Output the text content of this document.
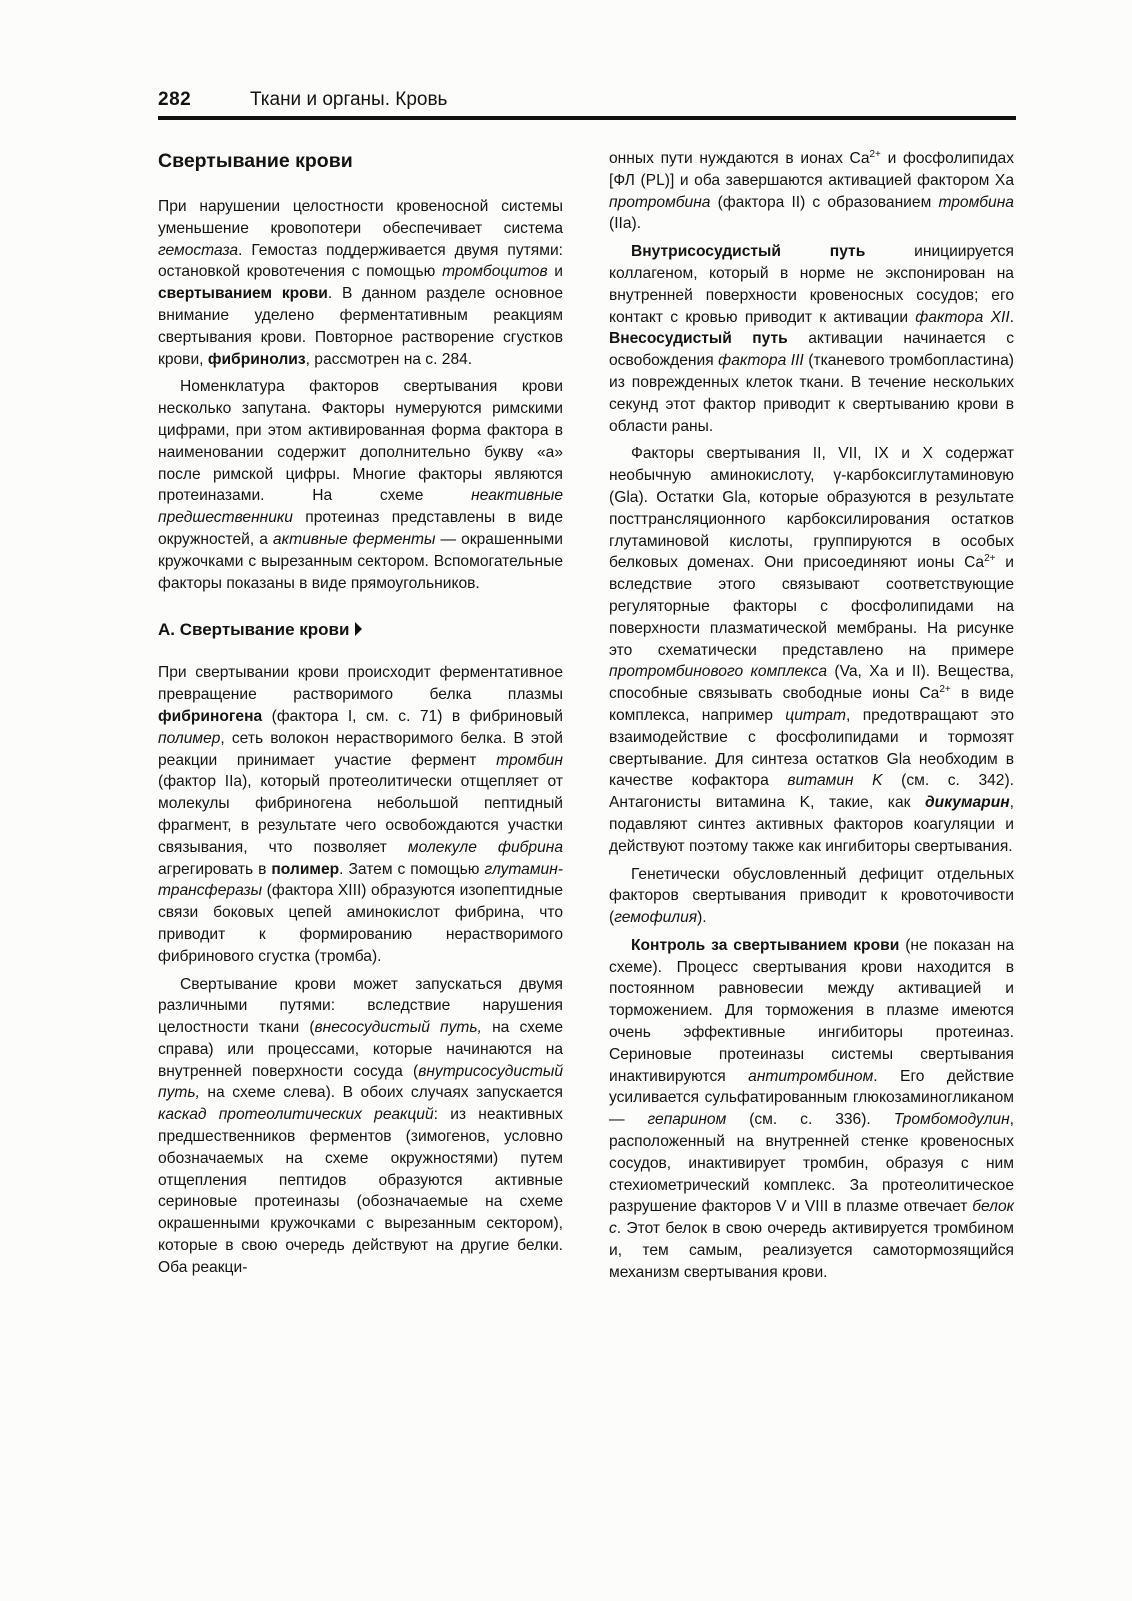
282	Ткани и органы. Кровь
Свертывание крови

При нарушении целостности кровеносной системы уменьшение кровопотери обеспечивает система гемостаза. Гемостаз поддерживается двумя путями: остановкой кровотечения с помощью тромбоцитов и свертыванием крови. В данном разделе основное внимание уделено ферментативным реакциям свертывания крови. Повторное растворение сгустков крови, фибринолиз, рассмотрен на с. 284.

Номенклатура факторов свертывания крови несколько запутана. Факторы нумеруются римскими цифрами, при этом активированная форма фактора в наименовании содержит дополнительно букву «а» после римской цифры. Многие факторы являются протеиназами. На схеме неактивные предшественники протеиназ представлены в виде окружностей, а активные ферменты — окрашенными кружочками с вырезанным сектором. Вспомогательные факторы показаны в виде прямоугольников.

А. Свертывание крови

При свертывании крови происходит ферментативное превращение растворимого белка плазмы фибриногена (фактора I, см. с. 71) в фибриновый полимер, сеть волокон нерастворимого белка. В этой реакции принимает участие фермент тромбин (фактор IIa), который протеолитически отщепляет от молекулы фибриногена небольшой пептидный фрагмент, в результате чего освобождаются участки связывания, что позволяет молекуле фибрина агрегировать в полимер. Затем с помощью глутамин-трансферазы (фактора XIII) образуются изопептидные связи боковых цепей аминокислот фибрина, что приводит к формированию нерастворимого фибринового сгустка (тромба).

Свертывание крови может запускаться двумя различными путями: вследствие нарушения целостности ткани (внесосудистый путь, на схеме справа) или процессами, которые начинаются на внутренней поверхности сосуда (внутрисосудистый путь, на схеме слева). В обоих случаях запускается каскад протеолитических реакций: из неактивных предшественников ферментов (зимогенов, условно обозначаемых на схеме окружностями) путем отщепления пептидов образуются активные сериновые протеиназы (обозначаемые на схеме окрашенными кружочками с вырезанным сектором), которые в свою очередь действуют на другие белки. Оба реакци-

онных пути нуждаются в ионах $Ca^{2+}$ и фосфолипидах [ФЛ (PL)] и оба завершаются активацией фактором Xa протромбина (фактора II) с образованием тромбина (IIa).

Внутрисосудистый путь инициируется коллагеном, который в норме не экспонирован на внутренней поверхности кровеносных сосудов; его контакт с кровью приводит к активации фактора XII. Внесосудистый путь активации начинается с освобождения фактора III (тканевого тромбопластина) из поврежденных клеток ткани. В течение нескольких секунд этот фактор приводит к свертыванию крови в области раны.

Факторы свертывания II, VII, IX и X содержат необычную аминокислоту, γ-карбоксиглутаминовую (Gla). Остатки Gla, которые образуются в результате посттрансляционного карбоксилирования остатков глутаминовой кислоты, группируются в особых белковых доменах. Они присоединяют ионы $Ca^{2+}$ и вследствие этого связывают соответствующие регуляторные факторы с фосфолипидами на поверхности плазматической мембраны. На рисунке это схематически представлено на примере протромбинового комплекса (Va, Xa и II). Вещества, способные связывать свободные ионы $Ca^{2+}$ в виде комплекса, например цитрат, предотвращают это взаимодействие с фосфолипидами и тормозят свертывание. Для синтеза остатков Gla необходим в качестве кофактора витамин K (см. с. 342). Антагонисты витамина K, такие, как дикумарин, подавляют синтез активных факторов коагуляции и действуют поэтому также как ингибиторы свертывания.

Генетически обусловленный дефицит отдельных факторов свертывания приводит к кровоточивости (гемофилия).

Контроль за свертыванием крови (не показан на схеме). Процесс свертывания крови находится в постоянном равновесии между активацией и торможением. Для торможения в плазме имеются очень эффективные ингибиторы протеиназ. Сериновые протеиназы системы свертывания инактивируются антитромбином. Его действие усиливается сульфатированным глюкозаминогликаном — гепарином (см. с. 336). Тромбомодулин, расположенный на внутренней стенке кровеносных сосудов, инактивирует тромбин, образуя с ним стехиометрический комплекс. За протеолитическое разрушение факторов V и VIII в плазме отвечает белок с. Этот белок в свою очередь активируется тромбином и, тем самым, реализуется самотормозящийся механизм свертывания крови.
